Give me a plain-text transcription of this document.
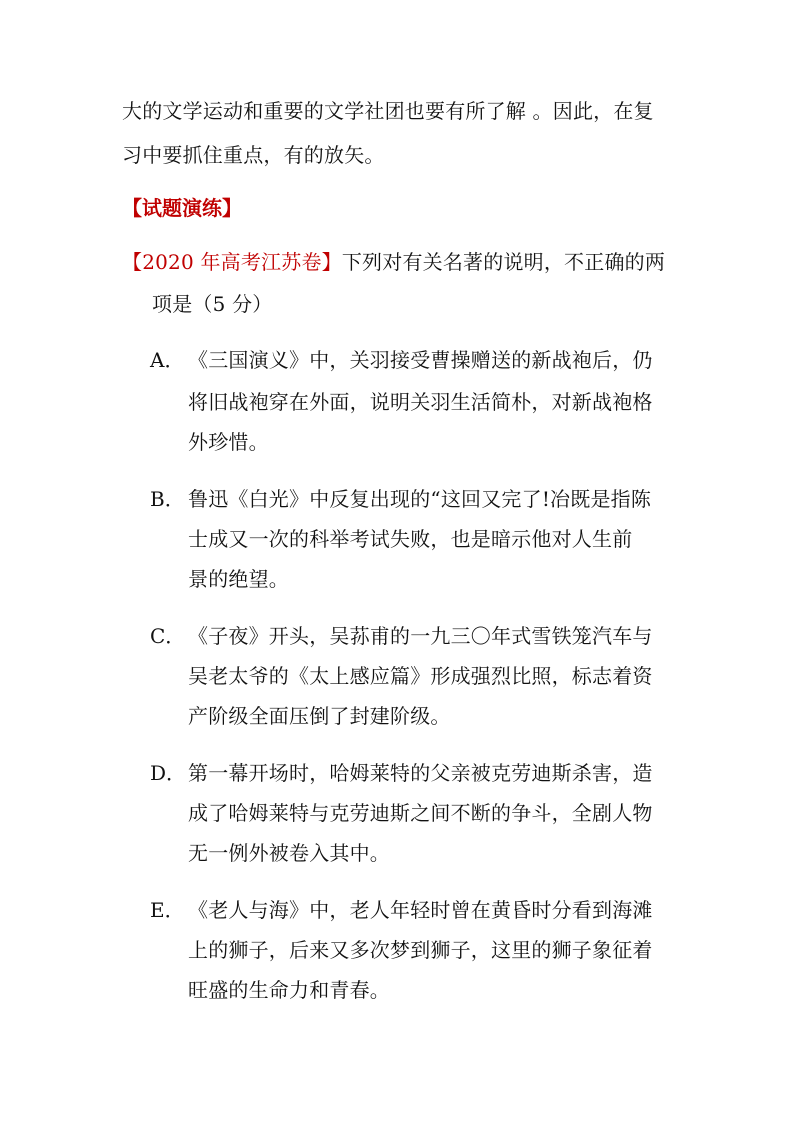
大的文学运动和重要的文学社团也要有所了解 。因此，在复
习中要抓住重点，有的放矢。
【试题演练】
【2020 年高考江苏卷】下列对有关名著的说明，不正确的两
项是（5 分）
A． 《三国演义》中，关羽接受曹操赠送的新战袍后，仍
将旧战袍穿在外面，说明关羽生活简朴，对新战袍格
外珍惜。
B． 鲁迅《白光》中反复出现的“这回又完了!冶既是指陈
士成又一次的科举考试失败，也是暗示他对人生前
景的绝望。
C． 《子夜》开头，吴荪甫的一九三〇年式雪铁笼汽车与
吴老太爷的《太上感应篇》形成强烈比照，标志着资
产阶级全面压倒了封建阶级。
D． 第一幕开场时，哈姆莱特的父亲被克劳迪斯杀害，造
成了哈姆莱特与克劳迪斯之间不断的争斗，全剧人物
无一例外被卷入其中。
E． 《老人与海》中，老人年轻时曾在黄昏时分看到海滩
上的狮子，后来又多次梦到狮子，这里的狮子象征着
旺盛的生命力和青春。
